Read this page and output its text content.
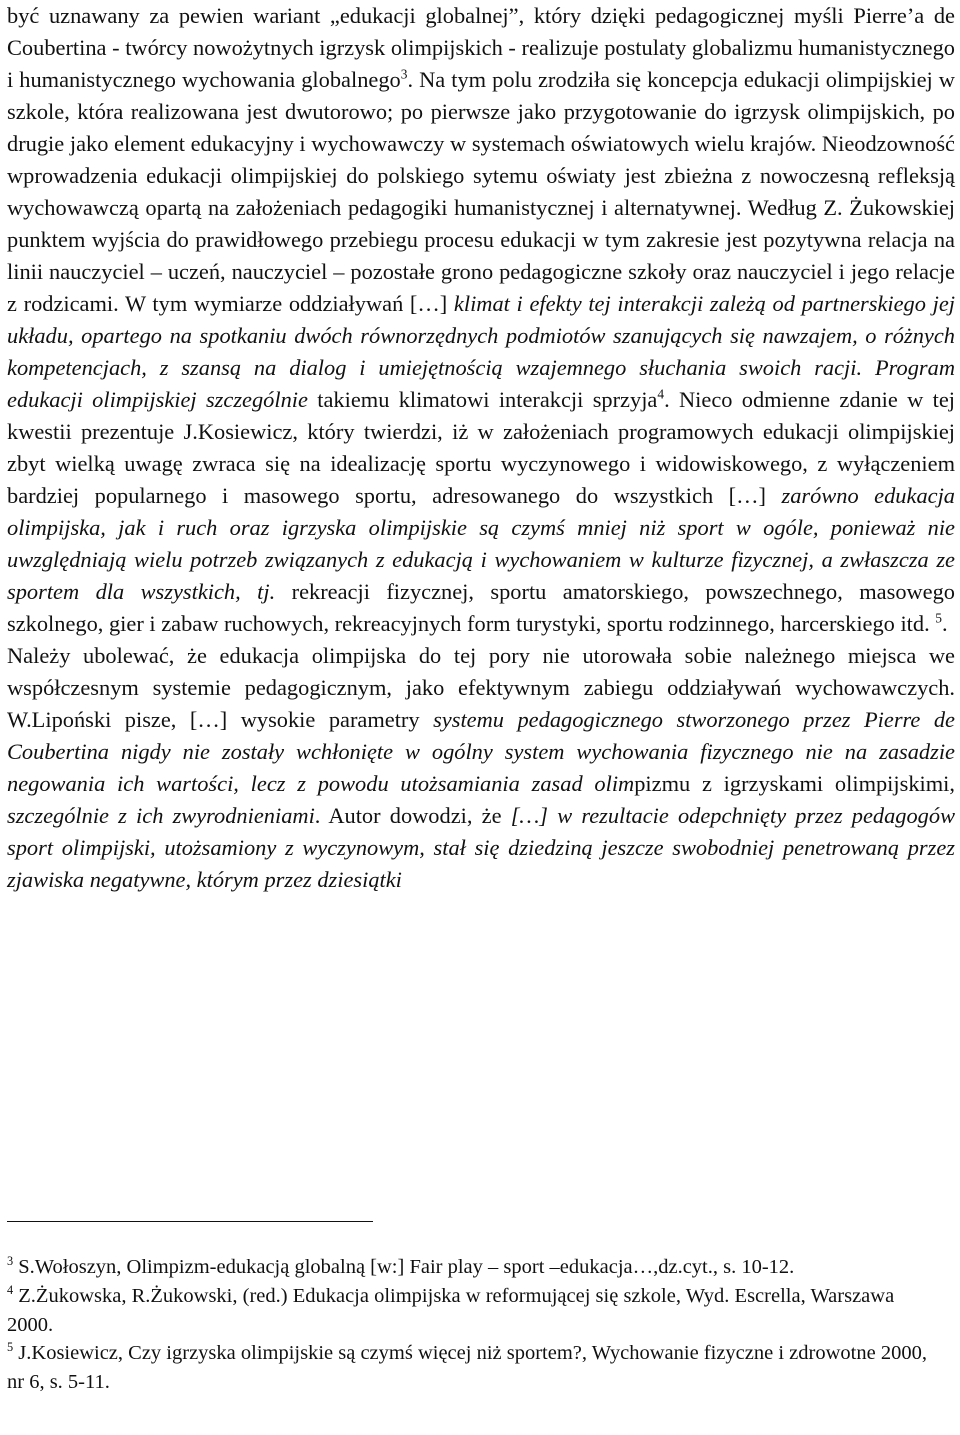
być uznawany za pewien wariant „edukacji globalnej”, który dzięki pedagogicznej myśli Pierre’a de Coubertina - twórcy nowożytnych igrzysk olimpijskich - realizuje postulaty globalizmu humanistycznego i humanistycznego wychowania globalnego$^3$. Na tym polu zrodziła się koncepcja edukacji olimpijskiej w szkole, która realizowana jest dwutorowo; po pierwsze jako przygotowanie do igrzysk olimpijskich, po drugie jako element edukacyjny i wychowawczy w systemach oświatowych wielu krajów. Nieodzowność wprowadzenia edukacji olimpijskiej do polskiego sytemu oświaty jest zbieżna z nowoczesną refleksją wychowawczą opartą na założeniach pedagogiki humanistycznej i alternatywnej. Według Z. Żukowskiej punktem wyjścia do prawidłowego przebiegu procesu edukacji w tym zakresie jest pozytywna relacja na linii nauczyciel – uczeń, nauczyciel – pozostałe grono pedagogiczne szkoły oraz nauczyciel i jego relacje z rodzicami. W tym wymiarze oddziaływań […] klimat i efekty tej interakcji zależą od partnerskiego jej układu, opartego na spotkaniu dwóch równorzędnych podmiotów szanujących się nawzajem, o różnych kompetencjach, z szansą na dialog i umiejętnością wzajemnego słuchania swoich racji. Program edukacji olimpijskiej szczególnie takiemu klimatowi interakcji sprzyja$^4$. Nieco odmienne zdanie w tej kwestii prezentuje J.Kosiewicz, który twierdzi, iż w założeniach programowych edukacji olimpijskiej zbyt wielką uwagę zwraca się na idealizację sportu wyczynowego i widowiskowego, z wyłączeniem bardziej popularnego i masowego sportu, adresowanego do wszystkich […] zarówno edukacja olimpijska, jak i ruch oraz igrzyska olimpijskie są czymś mniej niż sport w ogóle, ponieważ nie uwzględniają wielu potrzeb związanych z edukacją i wychowaniem w kulturze fizycznej, a zwłaszcza ze sportem dla wszystkich, tj. rekreacji fizycznej, sportu amatorskiego, powszechnego, masowego szkolnego, gier i zabaw ruchowych, rekreacyjnych form turystyki, sportu rodzinnego, harcerskiego itd. $^5$.

Należy ubolewać, że edukacja olimpijska do tej pory nie utorowała sobie należnego miejsca we współczesnym systemie pedagogicznym, jako efektywnym zabiegu oddziaływań wychowawczych. W.Lipoński pisze, […] wysokie parametry systemu pedagogicznego stworzonego przez Pierre de Coubertina nigdy nie zostały wchłonięte w ogólny system wychowania fizycznego nie na zasadzie negowania ich wartości, lecz z powodu utożsamiania zasad olimpizmu z igrzyskami olimpijskimi, szczególnie z ich zwyrodnieniami. Autor dowodzi, że […] w rezultacie odepchnięty przez pedagogów sport olimpijski, utożsamiony z wyczynowym, stał się dziedziną jeszcze swobodniej penetrowaną przez zjawiska negatywne, którym przez dziesiątki

$^3$ S.Wołoszyn, Olimpizm-edukacją globalną [w:] Fair play – sport –edukacja…,dz.cyt., s. 10-12.

$^4$ Z.Żukowska, R.Żukowski, (red.) Edukacja olimpijska w reformującej się szkole, Wyd. Escrella, Warszawa 2000.

$^5$ J.Kosiewicz, Czy igrzyska olimpijskie są czymś więcej niż sportem?, Wychowanie fizyczne i zdrowotne 2000, nr 6, s. 5-11.
